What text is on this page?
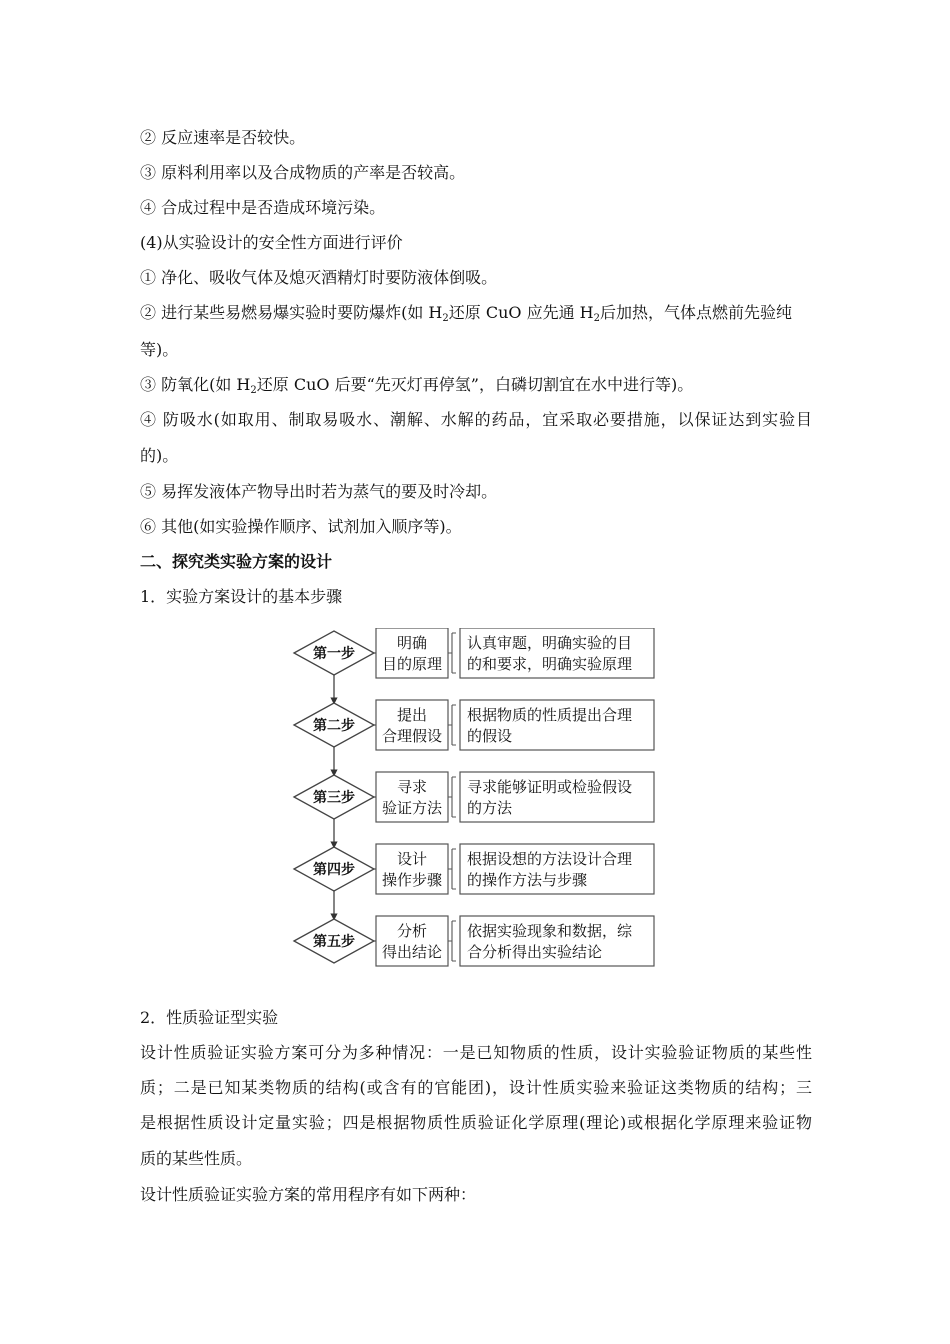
② 反应速率是否较快。
③ 原料利用率以及合成物质的产率是否较高。
④ 合成过程中是否造成环境污染。
(4)从实验设计的安全性方面进行评价
① 净化、吸收气体及熄灭酒精灯时要防液体倒吸。
② 进行某些易燃易爆实验时要防爆炸(如 $H_2$还原 CuO 应先通 $H_2$后加热，气体点燃前先验纯
等)。
③ 防氧化(如 $H_2$还原 CuO 后要“先灭灯再停氢”，白磷切割宜在水中进行等)。
④ 防吸水(如取用、制取易吸水、潮解、水解的药品，宜采取必要措施，以保证达到实验目
的)。
⑤ 易挥发液体产物导出时若为蒸气的要及时冷却。
⑥ 其他(如实验操作顺序、试剂加入顺序等)。
二、探究类实验方案的设计
1．实验方案设计的基本步骤
第一步
明确
目的原理
认真审题，明确实验的目
的和要求，明确实验原理
第二步
提出
合理假设
根据物质的性质提出合理
的假设
第三步
寻求
验证方法
寻求能够证明或检验假设
的方法
第四步
设计
操作步骤
根据设想的方法设计合理
的操作方法与步骤
第五步
分析
得出结论
依据实验现象和数据，综
合分析得出实验结论
2．性质验证型实验
设计性质验证实验方案可分为多种情况：一是已知物质的性质，设计实验验证物质的某些性
质；二是已知某类物质的结构(或含有的官能团)，设计性质实验来验证这类物质的结构；三
是根据性质设计定量实验；四是根据物质性质验证化学原理(理论)或根据化学原理来验证物
质的某些性质。
设计性质验证实验方案的常用程序有如下两种：
